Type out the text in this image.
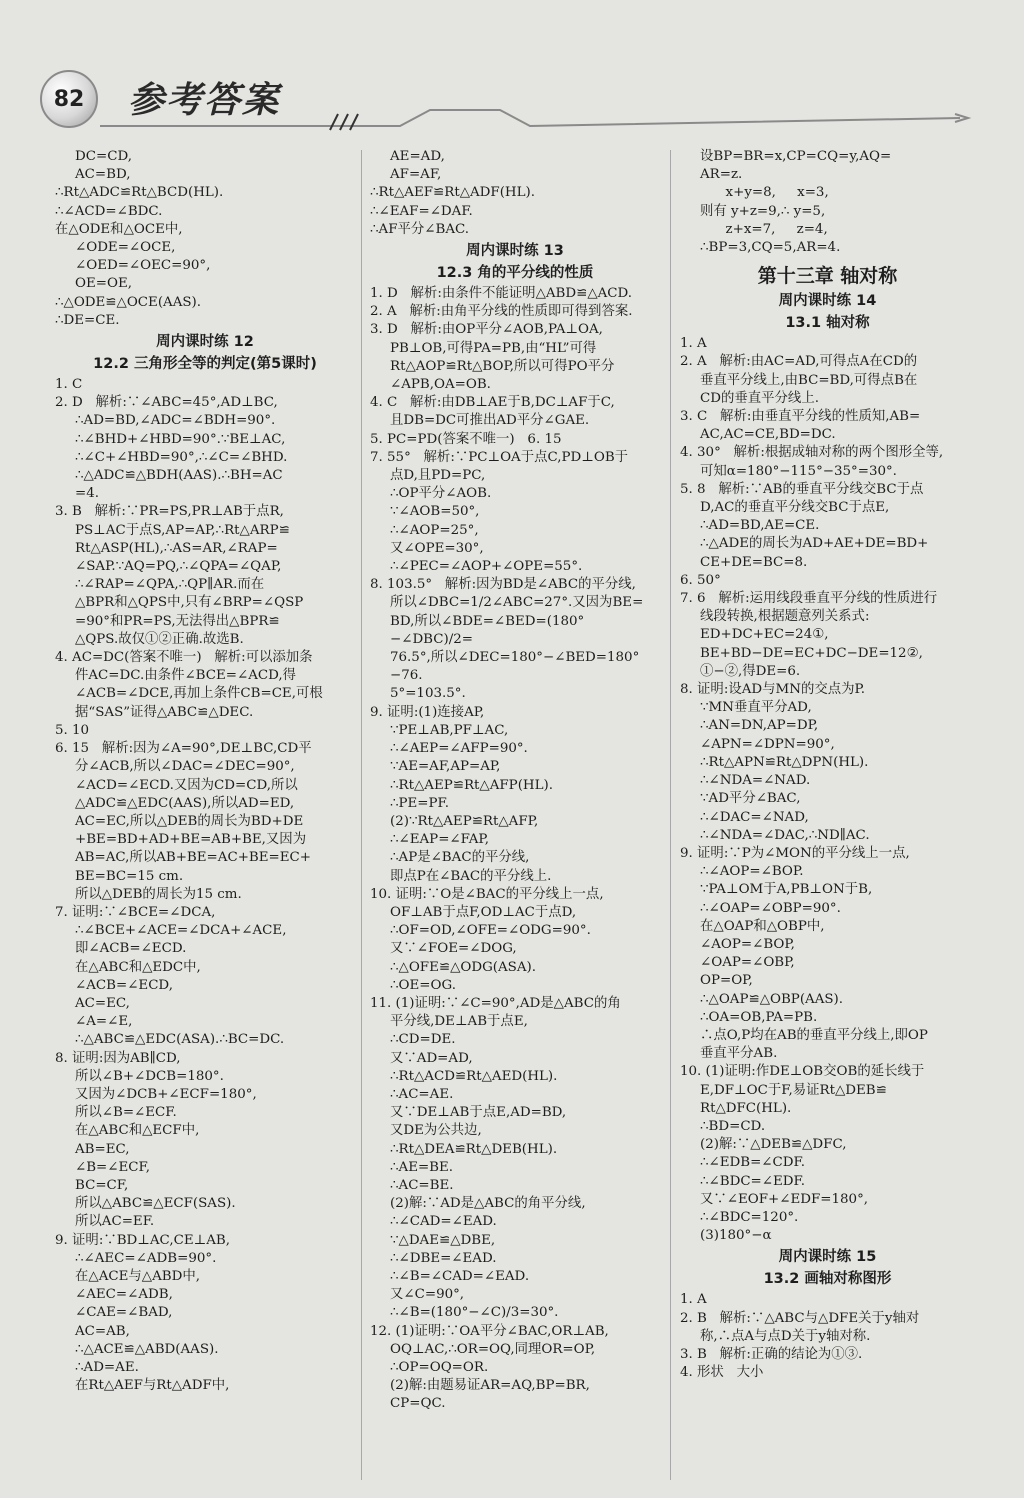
82	参考答案
DC=CD,
AC=BD,
∴Rt△ADC≌Rt△BCD(HL).
∴∠ACD=∠BDC.
在△ODE和△OCE中,
∠ODE=∠OCE,
∠OED=∠OEC=90°,
OE=OE,
∴△ODE≌△OCE(AAS).
∴DE=CE.
周内课时练 12
12.2 三角形全等的判定(第5课时)
1. C
2. D   解析:∵∠ABC=45°,AD⊥BC,
∴AD=BD,∠ADC=∠BDH=90°.
∴∠BHD+∠HBD=90°.∵BE⊥AC,
∴∠C+∠HBD=90°,∴∠C=∠BHD.
∴△ADC≌△BDH(AAS).∴BH=AC
=4.
3. B   解析:∵PR=PS,PR⊥AB于点R,
PS⊥AC于点S,AP=AP,∴Rt△ARP≌
Rt△ASP(HL),∴AS=AR,∠RAP=
∠SAP.∵AQ=PQ,∴∠QPA=∠QAP,
∴∠RAP=∠QPA,∴QP∥AR.而在
△BPR和△QPS中,只有∠BRP=∠QSP
=90°和PR=PS,无法得出△BPR≌
△QPS.故仅①②正确.故选B.
4. AC=DC(答案不唯一)   解析:可以添加条
件AC=DC.由条件∠BCE=∠ACD,得
∠ACB=∠DCE,再加上条件CB=CE,可根
据“SAS”证得△ABC≌△DEC.
5. 10
6. 15   解析:因为∠A=90°,DE⊥BC,CD平
分∠ACB,所以∠DAC=∠DEC=90°,
∠ACD=∠ECD.又因为CD=CD,所以
△ADC≌△EDC(AAS),所以AD=ED,
AC=EC,所以△DEB的周长为BD+DE
+BE=BD+AD+BE=AB+BE,又因为
AB=AC,所以AB+BE=AC+BE=EC+
BE=BC=15 cm.
所以△DEB的周长为15 cm.
7. 证明:∵∠BCE=∠DCA,
∴∠BCE+∠ACE=∠DCA+∠ACE,
即∠ACB=∠ECD.
在△ABC和△EDC中,
∠ACB=∠ECD,
AC=EC,
∠A=∠E,
∴△ABC≌△EDC(ASA).∴BC=DC.
8. 证明:因为AB∥CD,
所以∠B+∠DCB=180°.
又因为∠DCB+∠ECF=180°,
所以∠B=∠ECF.
在△ABC和△ECF中,
AB=EC,
∠B=∠ECF,
BC=CF,
所以△ABC≌△ECF(SAS).
所以AC=EF.
9. 证明:∵BD⊥AC,CE⊥AB,
∴∠AEC=∠ADB=90°.
在△ACE与△ABD中,
∠AEC=∠ADB,
∠CAE=∠BAD,
AC=AB,
∴△ACE≌△ABD(AAS).
∴AD=AE.
在Rt△AEF与Rt△ADF中,
AE=AD,
AF=AF,
∴Rt△AEF≌Rt△ADF(HL).
∴∠EAF=∠DAF.
∴AF平分∠BAC.
周内课时练 13
12.3 角的平分线的性质
1. D   解析:由条件不能证明△ABD≌△ACD.
2. A   解析:由角平分线的性质即可得到答案.
3. D   解析:由OP平分∠AOB,PA⊥OA,
PB⊥OB,可得PA=PB,由“HL”可得
Rt△AOP≌Rt△BOP,所以可得PO平分
∠APB,OA=OB.
4. C   解析:由DB⊥AE于B,DC⊥AF于C,
且DB=DC可推出AD平分∠GAE.
5. PC=PD(答案不唯一)   6. 15
7. 55°   解析:∵PC⊥OA于点C,PD⊥OB于
点D,且PD=PC,
∴OP平分∠AOB.
∵∠AOB=50°,
∴∠AOP=25°,
又∠OPE=30°,
∴∠PEC=∠AOP+∠OPE=55°.
8. 103.5°   解析:因为BD是∠ABC的平分线,
所以∠DBC=1/2∠ABC=27°.又因为BE=
BD,所以∠BDE=∠BED=(180°−∠DBC)/2=
76.5°,所以∠DEC=180°−∠BED=180°−76.
5°=103.5°.
9. 证明:(1)连接AP,
∵PE⊥AB,PF⊥AC,
∴∠AEP=∠AFP=90°.
∵AE=AF,AP=AP,
∴Rt△AEP≌Rt△AFP(HL).
∴PE=PF.
(2)∵Rt△AEP≌Rt△AFP,
∴∠EAP=∠FAP,
∴AP是∠BAC的平分线,
即点P在∠BAC的平分线上.
10. 证明:∵O是∠BAC的平分线上一点,
OF⊥AB于点F,OD⊥AC于点D,
∴OF=OD,∠OFE=∠ODG=90°.
又∵∠FOE=∠DOG,
∴△OFE≌△ODG(ASA).
∴OE=OG.
11. (1)证明:∵∠C=90°,AD是△ABC的角
平分线,DE⊥AB于点E,
∴CD=DE.
又∵AD=AD,
∴Rt△ACD≌Rt△AED(HL).
∴AC=AE.
又∵DE⊥AB于点E,AD=BD,
又DE为公共边,
∴Rt△DEA≌Rt△DEB(HL).
∴AE=BE.
∴AC=BE.
(2)解:∵AD是△ABC的角平分线,
∴∠CAD=∠EAD.
∵△DAE≌△DBE,
∴∠DBE=∠EAD.
∴∠B=∠CAD=∠EAD.
又∠C=90°,
∴∠B=(180°−∠C)/3=30°.
12. (1)证明:∵OA平分∠BAC,OR⊥AB,
OQ⊥AC,∴OR=OQ,同理OR=OP,
∴OP=OQ=OR.
(2)解:由题易证AR=AQ,BP=BR,
CP=QC.
设BP=BR=x,CP=CQ=y,AQ=
AR=z.
x+y=8,     x=3,
则有 y+z=9,∴ y=5,
z+x=7,     z=4,
∴BP=3,CQ=5,AR=4.
第十三章 轴对称
周内课时练 14
13.1 轴对称
1. A
2. A   解析:由AC=AD,可得点A在CD的
垂直平分线上,由BC=BD,可得点B在
CD的垂直平分线上.
3. C   解析:由垂直平分线的性质知,AB=
AC,AC=CE,BD=DC.
4. 30°   解析:根据成轴对称的两个图形全等,
可知α=180°−115°−35°=30°.
5. 8   解析:∵AB的垂直平分线交BC于点
D,AC的垂直平分线交BC于点E,
∴AD=BD,AE=CE.
∴△ADE的周长为AD+AE+DE=BD+
CE+DE=BC=8.
6. 50°
7. 6   解析:运用线段垂直平分线的性质进行
线段转换,根据题意列关系式:
ED+DC+EC=24①,
BE+BD−DE=EC+DC−DE=12②,
①−②,得DE=6.
8. 证明:设AD与MN的交点为P.
∵MN垂直平分AD,
∴AN=DN,AP=DP,
∠APN=∠DPN=90°,
∴Rt△APN≌Rt△DPN(HL).
∴∠NDA=∠NAD.
∵AD平分∠BAC,
∴∠DAC=∠NAD,
∴∠NDA=∠DAC,∴ND∥AC.
9. 证明:∵P为∠MON的平分线上一点,
∴∠AOP=∠BOP.
∵PA⊥OM于A,PB⊥ON于B,
∴∠OAP=∠OBP=90°.
在△OAP和△OBP中,
∠AOP=∠BOP,
∠OAP=∠OBP,
OP=OP,
∴△OAP≌△OBP(AAS).
∴OA=OB,PA=PB.
∴点O,P均在AB的垂直平分线上,即OP
垂直平分AB.
10. (1)证明:作DE⊥OB交OB的延长线于
E,DF⊥OC于F,易证Rt△DEB≌
Rt△DFC(HL).
∴BD=CD.
(2)解:∵△DEB≌△DFC,
∴∠EDB=∠CDF.
∴∠BDC=∠EDF.
又∵∠EOF+∠EDF=180°,
∴∠BDC=120°.
(3)180°−α
周内课时练 15
13.2 画轴对称图形
1. A
2. B   解析:∵△ABC与△DFE关于y轴对
称,∴点A与点D关于y轴对称.
3. B   解析:正确的结论为①③.
4. 形状   大小
